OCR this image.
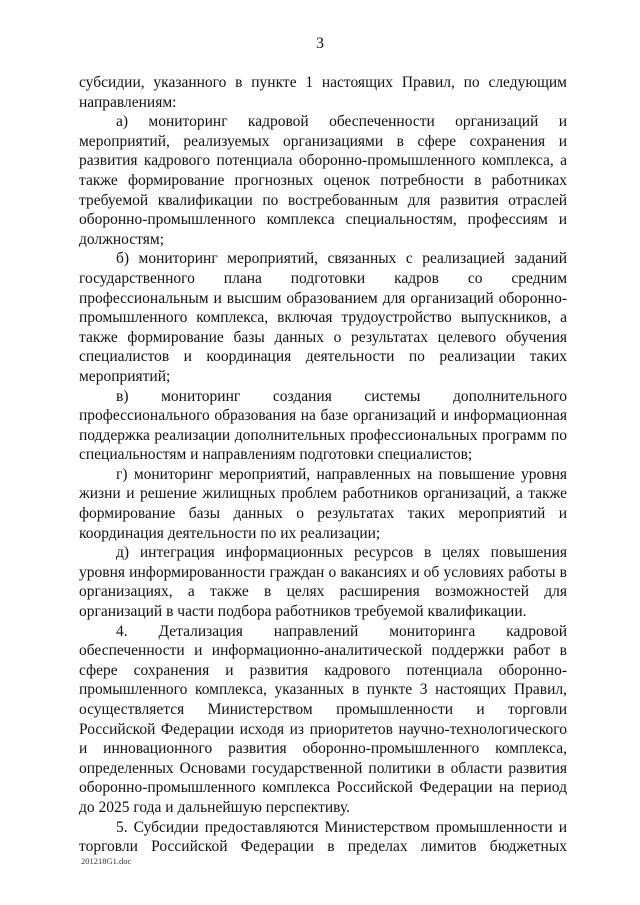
3

субсидии, указанного в пункте 1 настоящих Правил, по следующим направлениям:

а) мониторинг кадровой обеспеченности организаций и мероприятий, реализуемых организациями в сфере сохранения и развития кадрового потенциала оборонно-промышленного комплекса, а также формирование прогнозных оценок потребности в работниках требуемой квалификации по востребованным для развития отраслей оборонно-промышленного комплекса специальностям, профессиям и должностям;

б) мониторинг мероприятий, связанных с реализацией заданий государственного плана подготовки кадров со средним профессиональным и высшим образованием для организаций оборонно-промышленного комплекса, включая трудоустройство выпускников, а также формирование базы данных о результатах целевого обучения специалистов и координация деятельности по реализации таких мероприятий;

в) мониторинг создания системы дополнительного профессионального образования на базе организаций и информационная поддержка реализации дополнительных профессиональных программ по специальностям и направлениям подготовки специалистов;

г) мониторинг мероприятий, направленных на повышение уровня жизни и решение жилищных проблем работников организаций, а также формирование базы данных о результатах таких мероприятий и координация деятельности по их реализации;

д) интеграция информационных ресурсов в целях повышения уровня информированности граждан о вакансиях и об условиях работы в организациях, а также в целях расширения возможностей для организаций в части подбора работников требуемой квалификации.

4. Детализация направлений мониторинга кадровой обеспеченности и информационно-аналитической поддержки работ в сфере сохранения и развития кадрового потенциала оборонно-промышленного комплекса, указанных в пункте 3 настоящих Правил, осуществляется Министерством промышленности и торговли Российской Федерации исходя из приоритетов научно-технологического и инновационного развития оборонно-промышленного комплекса, определенных Основами государственной политики в области развития оборонно-промышленного комплекса Российской Федерации на период до 2025 года и дальнейшую перспективу.

5. Субсидии предоставляются Министерством промышленности и торговли Российской Федерации в пределах лимитов бюджетных

201218G1.doc
